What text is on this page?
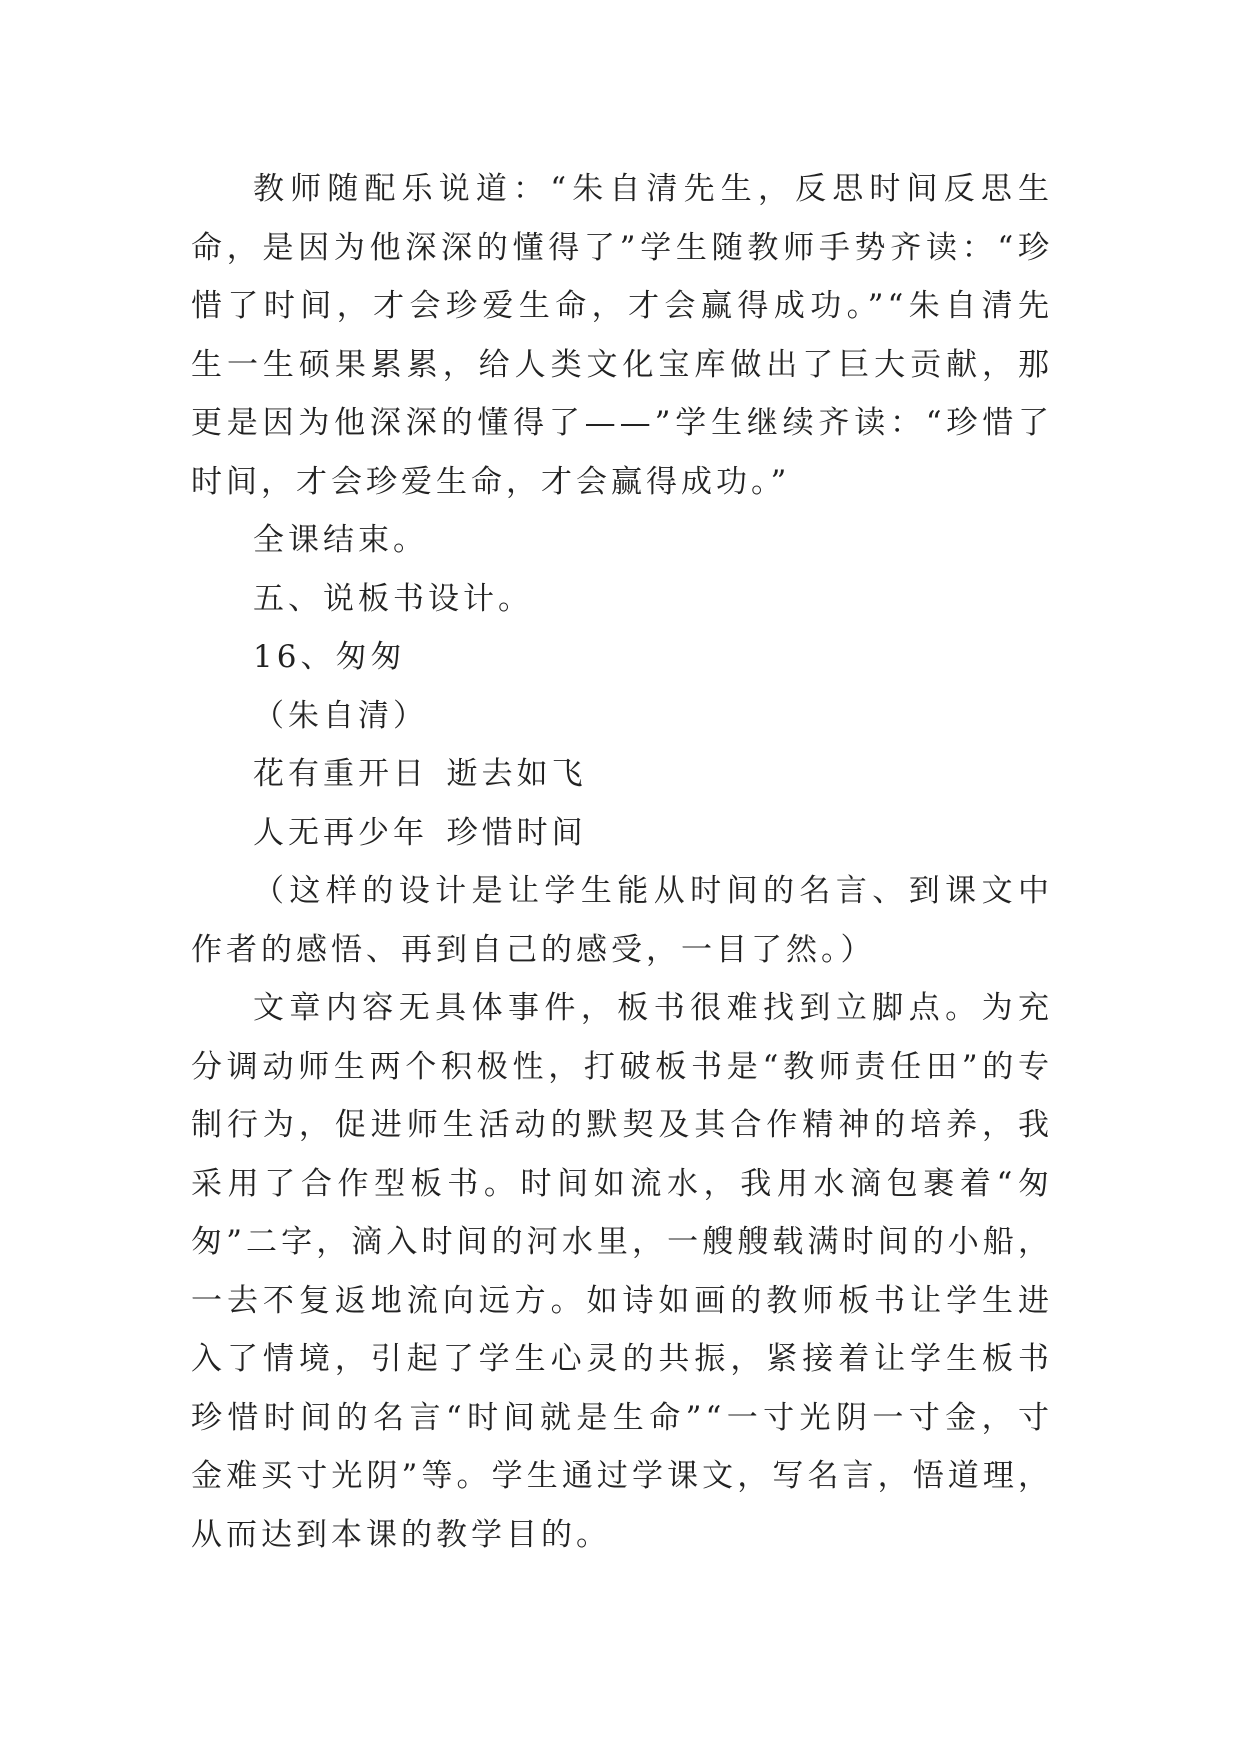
教师随配乐说道：“朱自清先生，反思时间反思生命，是因为他深深的懂得了”学生随教师手势齐读：“珍惜了时间，才会珍爱生命，才会赢得成功。”“朱自清先生一生硕果累累，给人类文化宝库做出了巨大贡献，那更是因为他深深的懂得了——”学生继续齐读：“珍惜了时间，才会珍爱生命，才会赢得成功。”

全课结束。

五、说板书设计。

16、匆匆

（朱自清）

花有重开日 逝去如飞

人无再少年 珍惜时间

（这样的设计是让学生能从时间的名言、到课文中作者的感悟、再到自己的感受，一目了然。）

文章内容无具体事件，板书很难找到立脚点。为充分调动师生两个积极性，打破板书是“教师责任田”的专制行为，促进师生活动的默契及其合作精神的培养，我采用了合作型板书。时间如流水，我用水滴包裹着“匆匆”二字，滴入时间的河水里，一艘艘载满时间的小船，一去不复返地流向远方。如诗如画的教师板书让学生进入了情境，引起了学生心灵的共振，紧接着让学生板书珍惜时间的名言“时间就是生命”“一寸光阴一寸金，寸金难买寸光阴”等。学生通过学课文，写名言，悟道理，从而达到本课的教学目的。
